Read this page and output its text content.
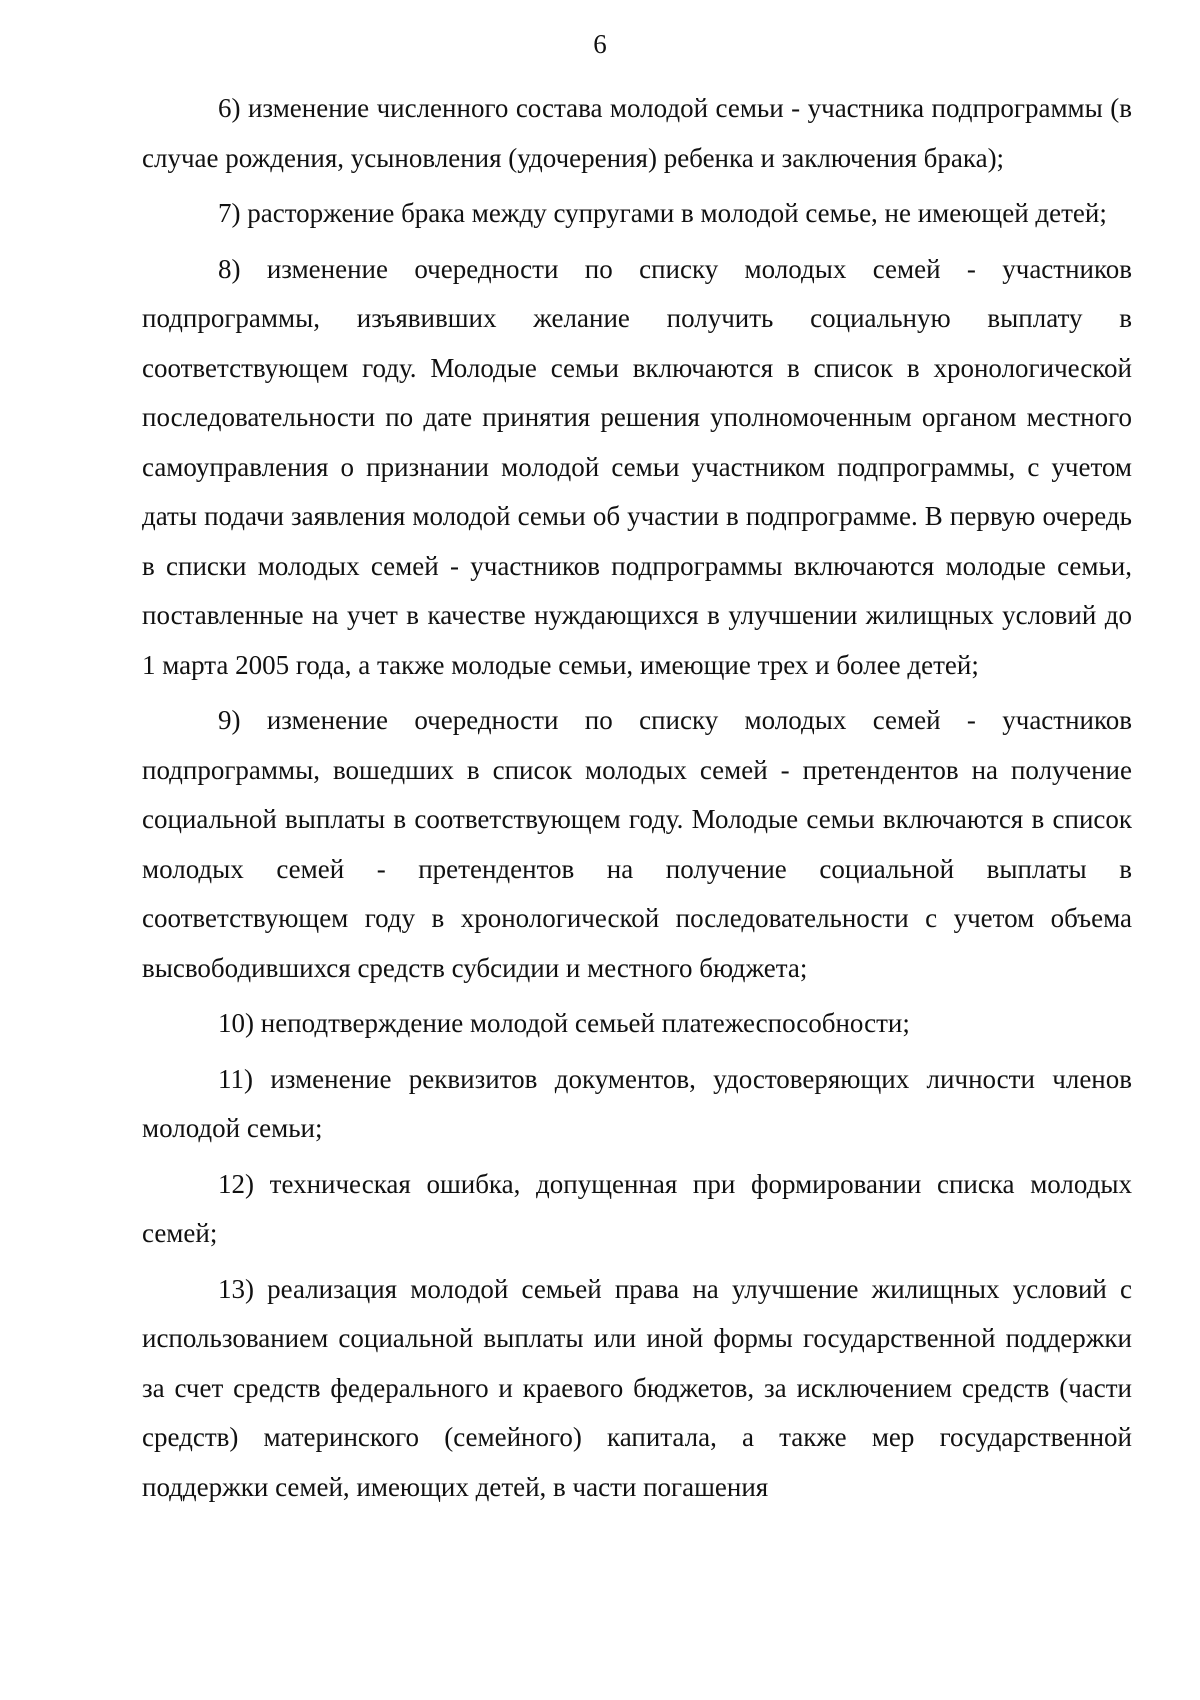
6

6) изменение численного состава молодой семьи - участника подпрограммы (в случае рождения, усыновления (удочерения) ребенка и заключения брака);

7) расторжение брака между супругами в молодой семье, не имеющей детей;

8) изменение очередности по списку молодых семей - участников подпрограммы, изъявивших желание получить социальную выплату в соответствующем году. Молодые семьи включаются в список в хронологической последовательности по дате принятия решения уполномоченным органом местного самоуправления о признании молодой семьи участником подпрограммы, с учетом даты подачи заявления молодой семьи об участии в подпрограмме. В первую очередь в списки молодых семей - участников подпрограммы включаются молодые семьи, поставленные на учет в качестве нуждающихся в улучшении жилищных условий до 1 марта 2005 года, а также молодые семьи, имеющие трех и более детей;

9) изменение очередности по списку молодых семей - участников подпрограммы, вошедших в список молодых семей - претендентов на получение социальной выплаты в соответствующем году. Молодые семьи включаются в список молодых семей - претендентов на получение социальной выплаты в соответствующем году в хронологической последовательности с учетом объема высвободившихся средств субсидии и местного бюджета;

10) неподтверждение молодой семьей платежеспособности;

11) изменение реквизитов документов, удостоверяющих личности членов молодой семьи;

12) техническая ошибка, допущенная при формировании списка молодых семей;

13) реализация молодой семьей права на улучшение жилищных условий с использованием социальной выплаты или иной формы государственной поддержки за счет средств федерального и краевого бюджетов, за исключением средств (части средств) материнского (семейного) капитала, а также мер государственной поддержки семей, имеющих детей, в части погашения
